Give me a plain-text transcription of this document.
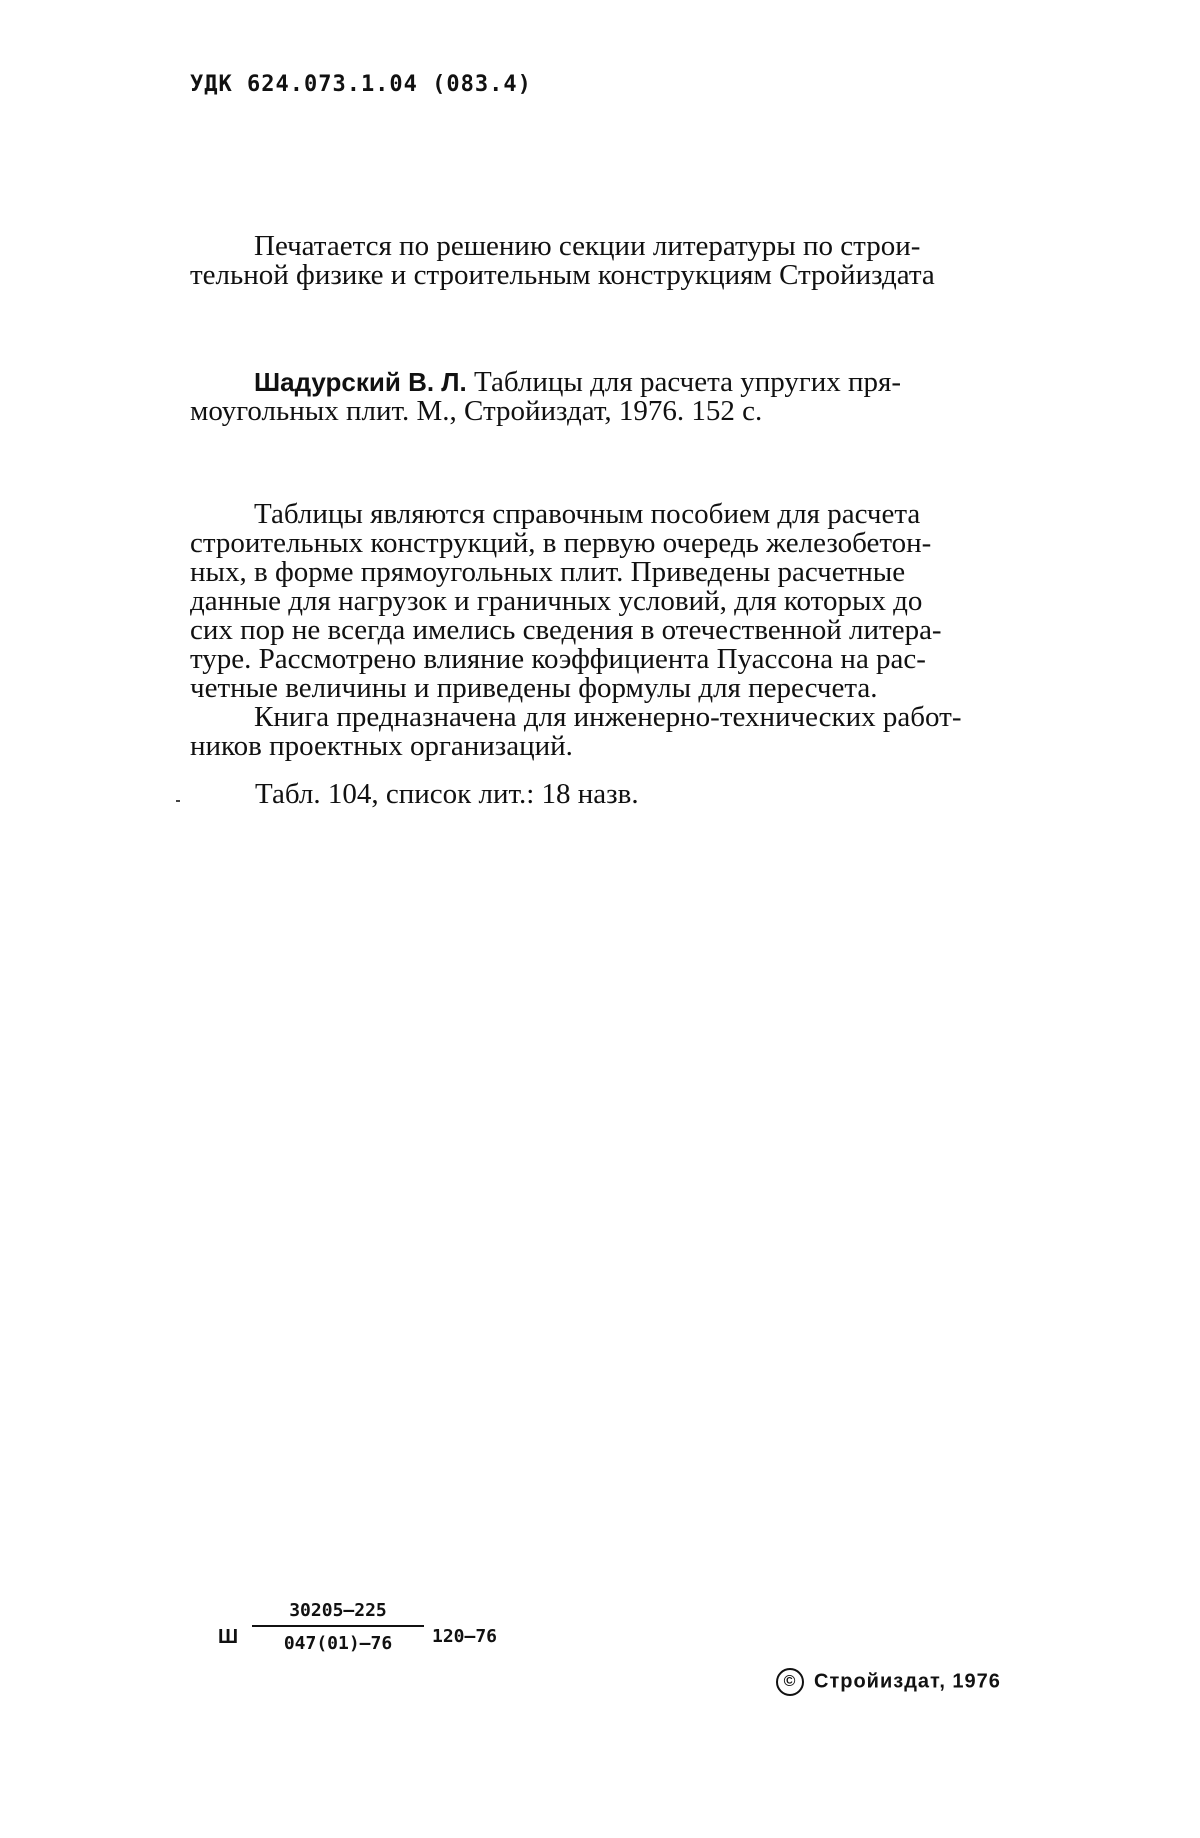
УДК 624.073.1.04 (083.4)

Печатается по решению секции литературы по строи-

тельной физике и строительным конструкциям Стройиздата

Шадурский В. Л. Таблицы для расчета упругих пря-

моугольных плит. М., Стройиздат, 1976. 152 с.

Таблицы являются справочным пособием для расчета

строительных конструкций, в первую очередь железобетон-

ных, в форме прямоугольных плит. Приведены расчетные

данные для нагрузок и граничных условий, для которых до

сих пор не всегда имелись сведения в отечественной литера-

туре. Рассмотрено влияние коэффициента Пуассона на рас-

четные величины и приведены формулы для пересчета.

Книга предназначена для инженерно-технических работ-

ников проектных организаций.

Табл. 104, список лит.: 18 назв.
Ш
30205—225
047(01)—76	120—76
© Стройиздат, 1976
